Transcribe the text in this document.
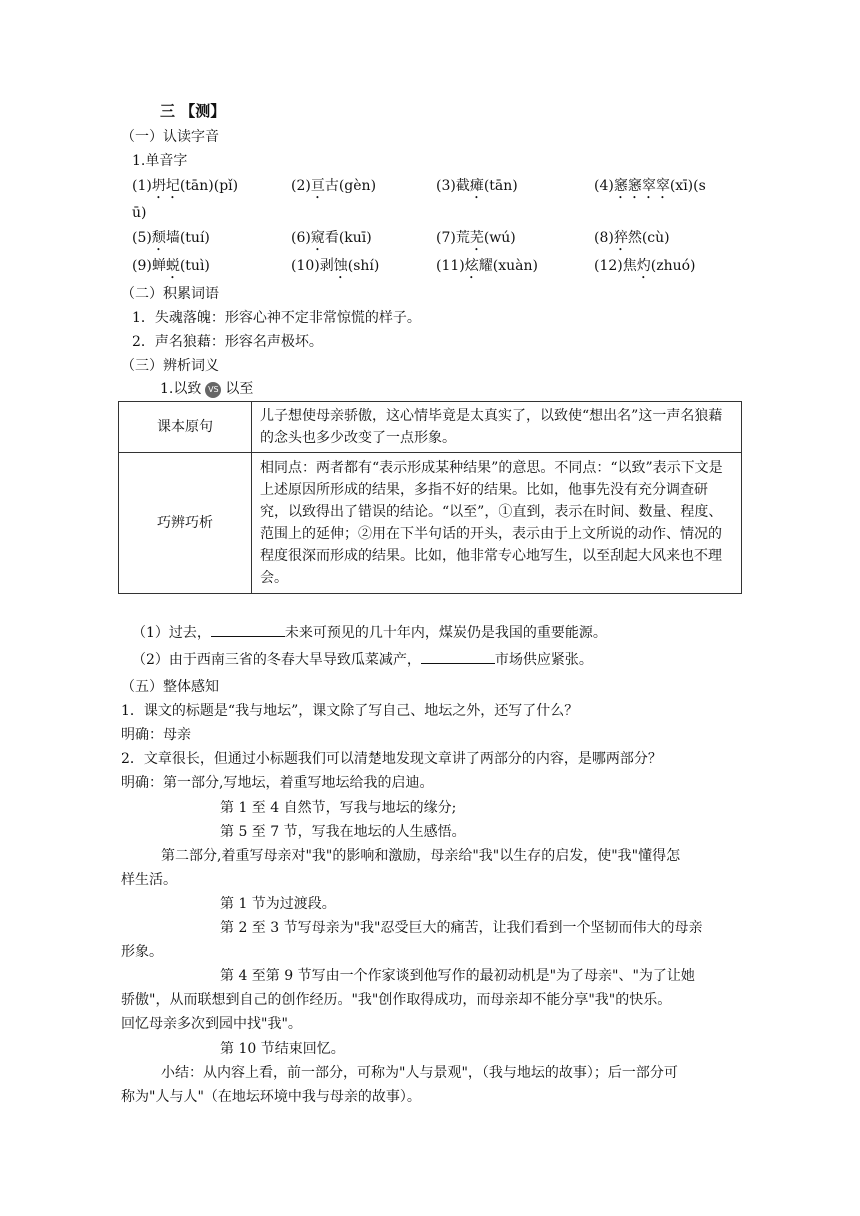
三 【测】
（一）认读字音
1.单音字
(1)坍圮(tān)(pǐ)	(2)亘古(gèn)	(3)截瘫(tān)	(4)窸窸窣窣(xī)(s
ū)
(5)颓墙(tuí)	(6)窥看(kuī)	(7)荒芜(wú)	(8)猝然(cù)
(9)蝉蜕(tuì)	(10)剥蚀(shí)	(11)炫耀(xuàn)	(12)焦灼(zhuó)
（二）积累词语
1．失魂落魄：形容心神不定非常惊慌的样子。
2．声名狼藉：形容名声极坏。
（三）辨析词义
1.以致 VS 以至
课本原句	儿子想使母亲骄傲，这心情毕竟是太真实了，以致使“想出名”这一声名狼藉的念头也多少改变了一点形象。
巧辨巧析	相同点：两者都有“表示形成某种结果”的意思。不同点：“以致”表示下文是上述原因所形成的结果，多指不好的结果。比如，他事先没有充分调查研究，以致得出了错误的结论。“以至”，①直到，表示在时间、数量、程度、范围上的延伸；②用在下半句话的开头，表示由于上文所说的动作、情况的程度很深而形成的结果。比如，他非常专心地写生，以至刮起大风来也不理会。
（1）过去，	未来可预见的几十年内，煤炭仍是我国的重要能源。
（2）由于西南三省的冬春大旱导致瓜菜减产，	市场供应紧张。
（五）整体感知
1．课文的标题是“我与地坛”，课文除了写自己、地坛之外，还写了什么？
明确：母亲
2．文章很长，但通过小标题我们可以清楚地发现文章讲了两部分的内容，是哪两部分？
明确：第一部分,写地坛，着重写地坛给我的启迪。
第 1 至 4 自然节，写我与地坛的缘分;
第 5 至 7 节，写我在地坛的人生感悟。
第二部分,着重写母亲对"我"的影响和激励，母亲给"我"以生存的启发，使"我"懂得怎
样生活。
第 1 节为过渡段。
第 2 至 3 节写母亲为"我"忍受巨大的痛苦，让我们看到一个坚韧而伟大的母亲
形象。
第 4 至第 9 节写由一个作家谈到他写作的最初动机是"为了母亲"、"为了让她
骄傲"，从而联想到自己的创作经历。"我"创作取得成功，而母亲却不能分享"我"的快乐。
回忆母亲多次到园中找"我"。
第 10 节结束回忆。
小结：从内容上看，前一部分，可称为"人与景观"，（我与地坛的故事）；后一部分可
称为"人与人"（在地坛环境中我与母亲的故事）。
